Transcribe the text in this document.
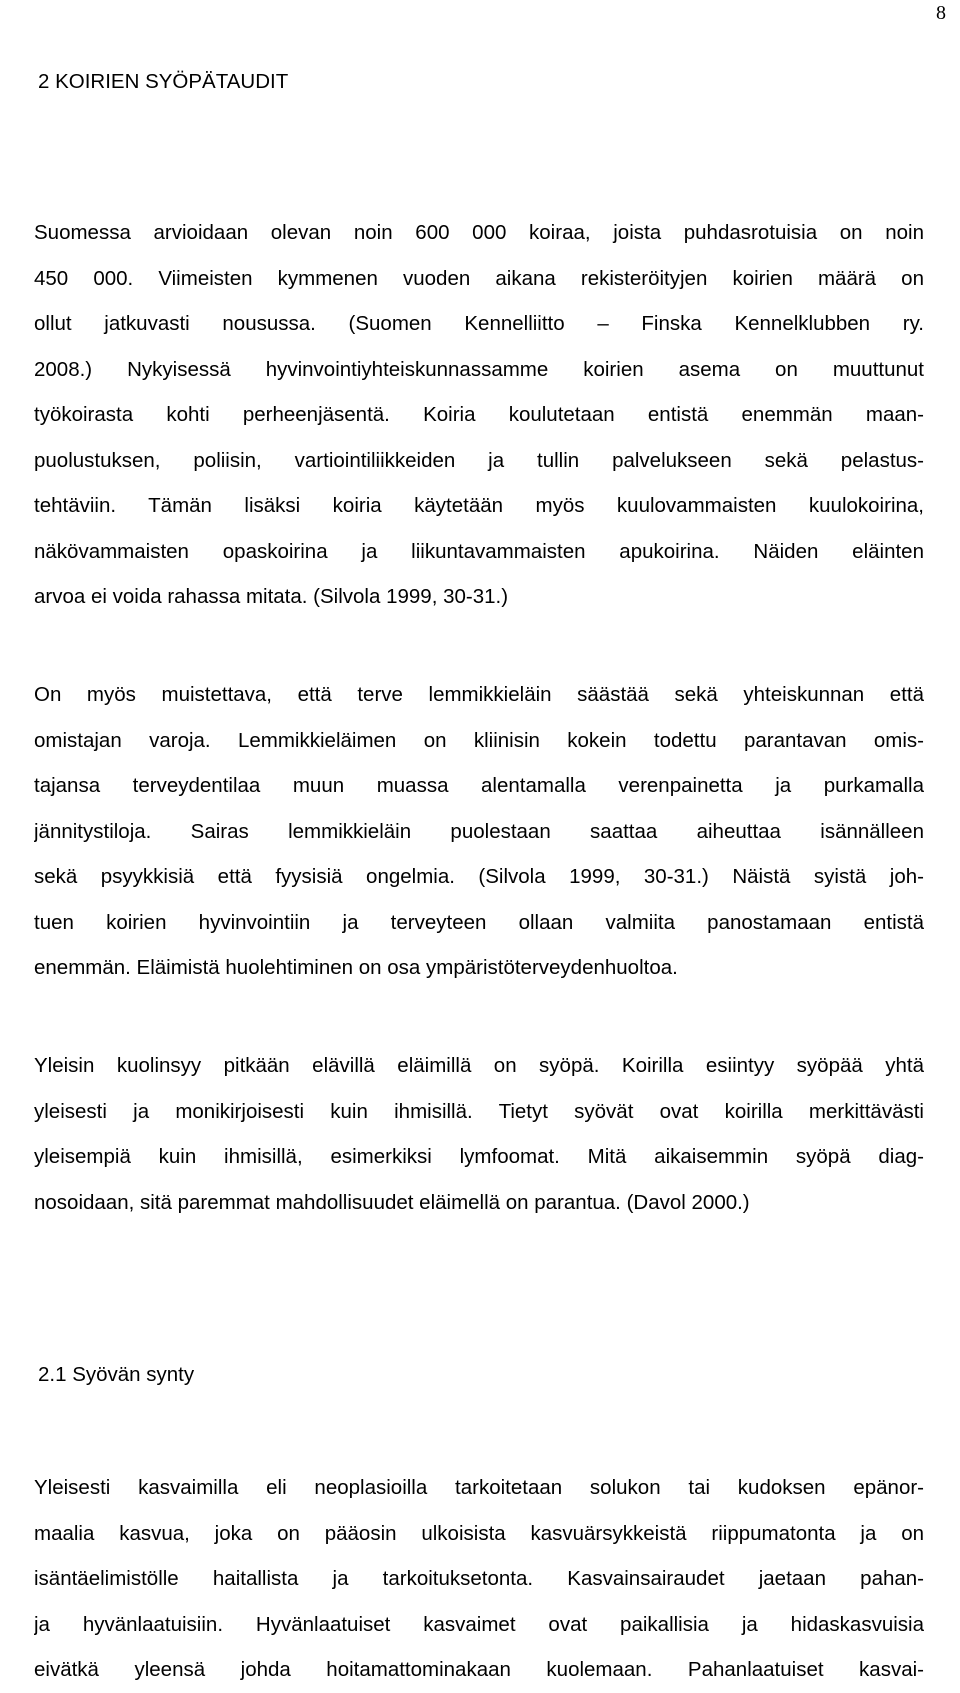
8
2 KOIRIEN SYÖPÄTAUDIT
Suomessa arvioidaan olevan noin 600 000 koiraa, joista puhdasrotuisia on noin
450 000. Viimeisten kymmenen vuoden aikana rekisteröityjen koirien määrä on
ollut jatkuvasti nousussa. (Suomen Kennelliitto – Finska Kennelklubben ry.
2008.) Nykyisessä hyvinvointiyhteiskunnassamme koirien asema on muuttunut
työkoirasta kohti perheenjäsentä. Koiria koulutetaan entistä enemmän maan-
puolustuksen, poliisin, vartiointiliikkeiden ja tullin palvelukseen sekä pelastus-
tehtäviin. Tämän lisäksi koiria käytetään myös kuulovammaisten kuulokoirina,
näkövammaisten opaskoirina ja liikuntavammaisten apukoirina. Näiden eläinten
arvoa ei voida rahassa mitata. (Silvola 1999, 30-31.)
On myös muistettava, että terve lemmikkieläin säästää sekä yhteiskunnan että
omistajan varoja. Lemmikkieläimen on kliinisin kokein todettu parantavan omis-
tajansa terveydentilaa muun muassa alentamalla verenpainetta ja purkamalla
jännitystiloja. Sairas lemmikkieläin puolestaan saattaa aiheuttaa isännälleen
sekä psyykkisiä että fyysisiä ongelmia. (Silvola 1999, 30-31.) Näistä syistä joh-
tuen koirien hyvinvointiin ja terveyteen ollaan valmiita panostamaan entistä
enemmän. Eläimistä huolehtiminen on osa ympäristöterveydenhuoltoa.
Yleisin kuolinsyy pitkään elävillä eläimillä on syöpä. Koirilla esiintyy syöpää yhtä
yleisesti ja monikirjoisesti kuin ihmisillä. Tietyt syövät ovat koirilla merkittävästi
yleisempiä kuin ihmisillä, esimerkiksi lymfoomat. Mitä aikaisemmin syöpä diag-
nosoidaan, sitä paremmat mahdollisuudet eläimellä on parantua. (Davol 2000.)
2.1 Syövän synty
Yleisesti kasvaimilla eli neoplasioilla tarkoitetaan solukon tai kudoksen epänor-
maalia kasvua, joka on pääosin ulkoisista kasvuärsykkeistä riippumatonta ja on
isäntäelimistölle haitallista ja tarkoituksetonta. Kasvainsairaudet jaetaan pahan-
ja hyvänlaatuisiin. Hyvänlaatuiset kasvaimet ovat paikallisia ja hidaskasvuisia
eivätkä yleensä johda hoitamattominakaan kuolemaan. Pahanlaatuiset kasvai-
